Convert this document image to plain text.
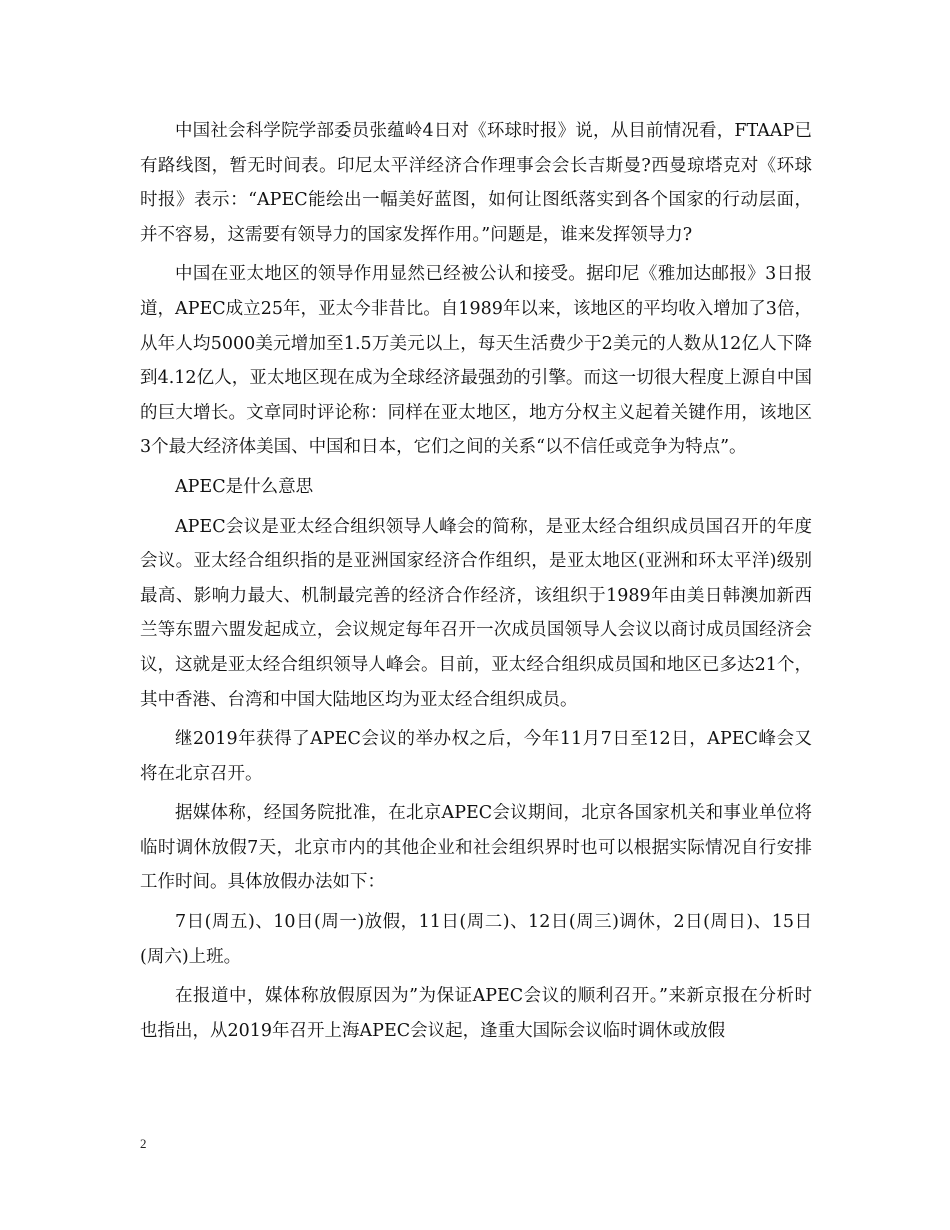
中国社会科学院学部委员张蕴岭4日对《环球时报》说，从目前情况看，FTAAP已有路线图，暂无时间表。印尼太平洋经济合作理事会会长吉斯曼?西曼琼塔克对《环球时报》表示：“APEC能绘出一幅美好蓝图，如何让图纸落实到各个国家的行动层面，并不容易，这需要有领导力的国家发挥作用。”问题是，谁来发挥领导力?

中国在亚太地区的领导作用显然已经被公认和接受。据印尼《雅加达邮报》3日报道，APEC成立25年，亚太今非昔比。自1989年以来，该地区的平均收入增加了3倍，从年人均5000美元增加至1.5万美元以上，每天生活费少于2美元的人数从12亿人下降到4.12亿人，亚太地区现在成为全球经济最强劲的引擎。而这一切很大程度上源自中国的巨大增长。文章同时评论称：同样在亚太地区，地方分权主义起着关键作用，该地区3个最大经济体美国、中国和日本，它们之间的关系“以不信任或竞争为特点”。

APEC是什么意思

APEC会议是亚太经合组织领导人峰会的简称，是亚太经合组织成员国召开的年度会议。亚太经合组织指的是亚洲国家经济合作组织，是亚太地区(亚洲和环太平洋)级别最高、影响力最大、机制最完善的经济合作经济，该组织于1989年由美日韩澳加新西兰等东盟六盟发起成立，会议规定每年召开一次成员国领导人会议以商讨成员国经济会议，这就是亚太经合组织领导人峰会。目前，亚太经合组织成员国和地区已多达21个，其中香港、台湾和中国大陆地区均为亚太经合组织成员。

继2019年获得了APEC会议的举办权之后，今年11月7日至12日，APEC峰会又将在北京召开。

据媒体称，经国务院批准，在北京APEC会议期间，北京各国家机关和事业单位将临时调休放假7天，北京市内的其他企业和社会组织界时也可以根据实际情况自行安排工作时间。具体放假办法如下：

7日(周五)、10日(周一)放假，11日(周二)、12日(周三)调休，2日(周日)、15日(周六)上班。

在报道中，媒体称放假原因为”为保证APEC会议的顺利召开。”来新京报在分析时也指出，从2019年召开上海APEC会议起，逢重大国际会议临时调休或放假

2
